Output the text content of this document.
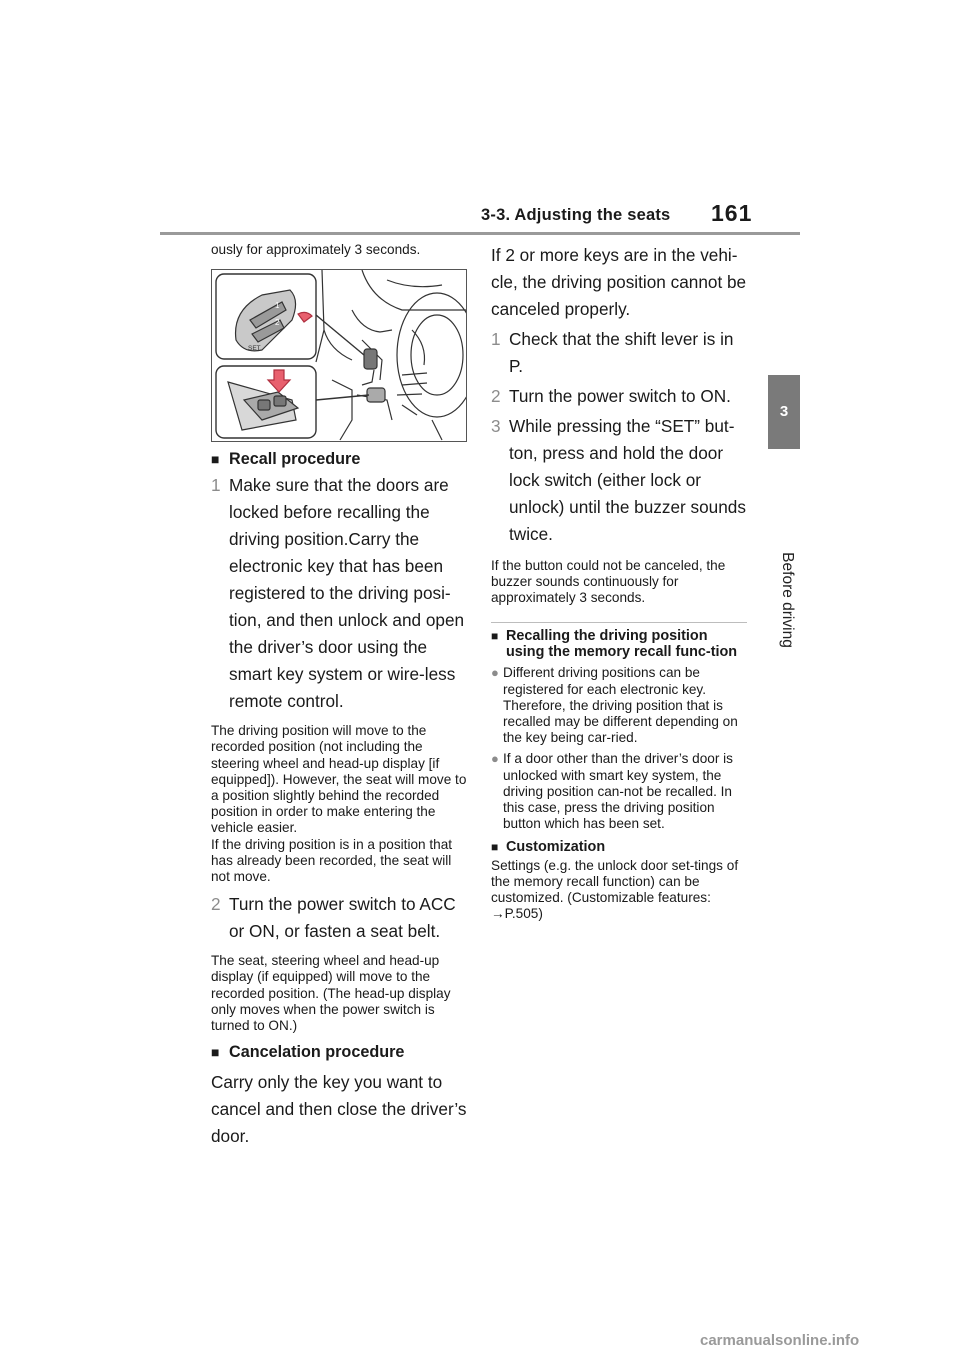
3-3. Adjusting the seats 161
3
Before driving

ously for approximately 3 seconds.

1
2
SET
■ Recall procedure
1 Make sure that the doors are locked before recalling the driving position.Carry the electronic key that has been registered to the driving posi-tion, and then unlock and open the driver’s door using the smart key system or wire-less remote control.

The driving position will move to the recorded position (not including the steering wheel and head-up display [if equipped]). However, the seat will move to a position slightly behind the recorded position in order to make entering the vehicle easier.

If the driving position is in a position that has already been recorded, the seat will not move.

2 Turn the power switch to ACC or ON, or fasten a seat belt.

The seat, steering wheel and head-up display (if equipped) will move to the recorded position. (The head-up display only moves when the power switch is turned to ON.)

■ Cancelation procedure

Carry only the key you want to cancel and then close the driver’s door.

If 2 or more keys are in the vehi-cle, the driving position cannot be canceled properly.

1 Check that the shift lever is in P.
2 Turn the power switch to ON.
3 While pressing the “SET” but-ton, press and hold the door lock switch (either lock or unlock) until the buzzer sounds twice.

If the button could not be canceled, the buzzer sounds continuously for approximately 3 seconds.

■ Recalling the driving position using the memory recall func-tion
● Different driving positions can be registered for each electronic key. Therefore, the driving position that is recalled may be different depending on the key being car-ried.
● If a door other than the driver’s door is unlocked with smart key system, the driving position can-not be recalled. In this case, press the driving position button which has been set.
■ Customization

Settings (e.g. the unlock door set-tings of the memory recall function) can be customized. (Customizable features: →P.505)

carmanualsonline.info
